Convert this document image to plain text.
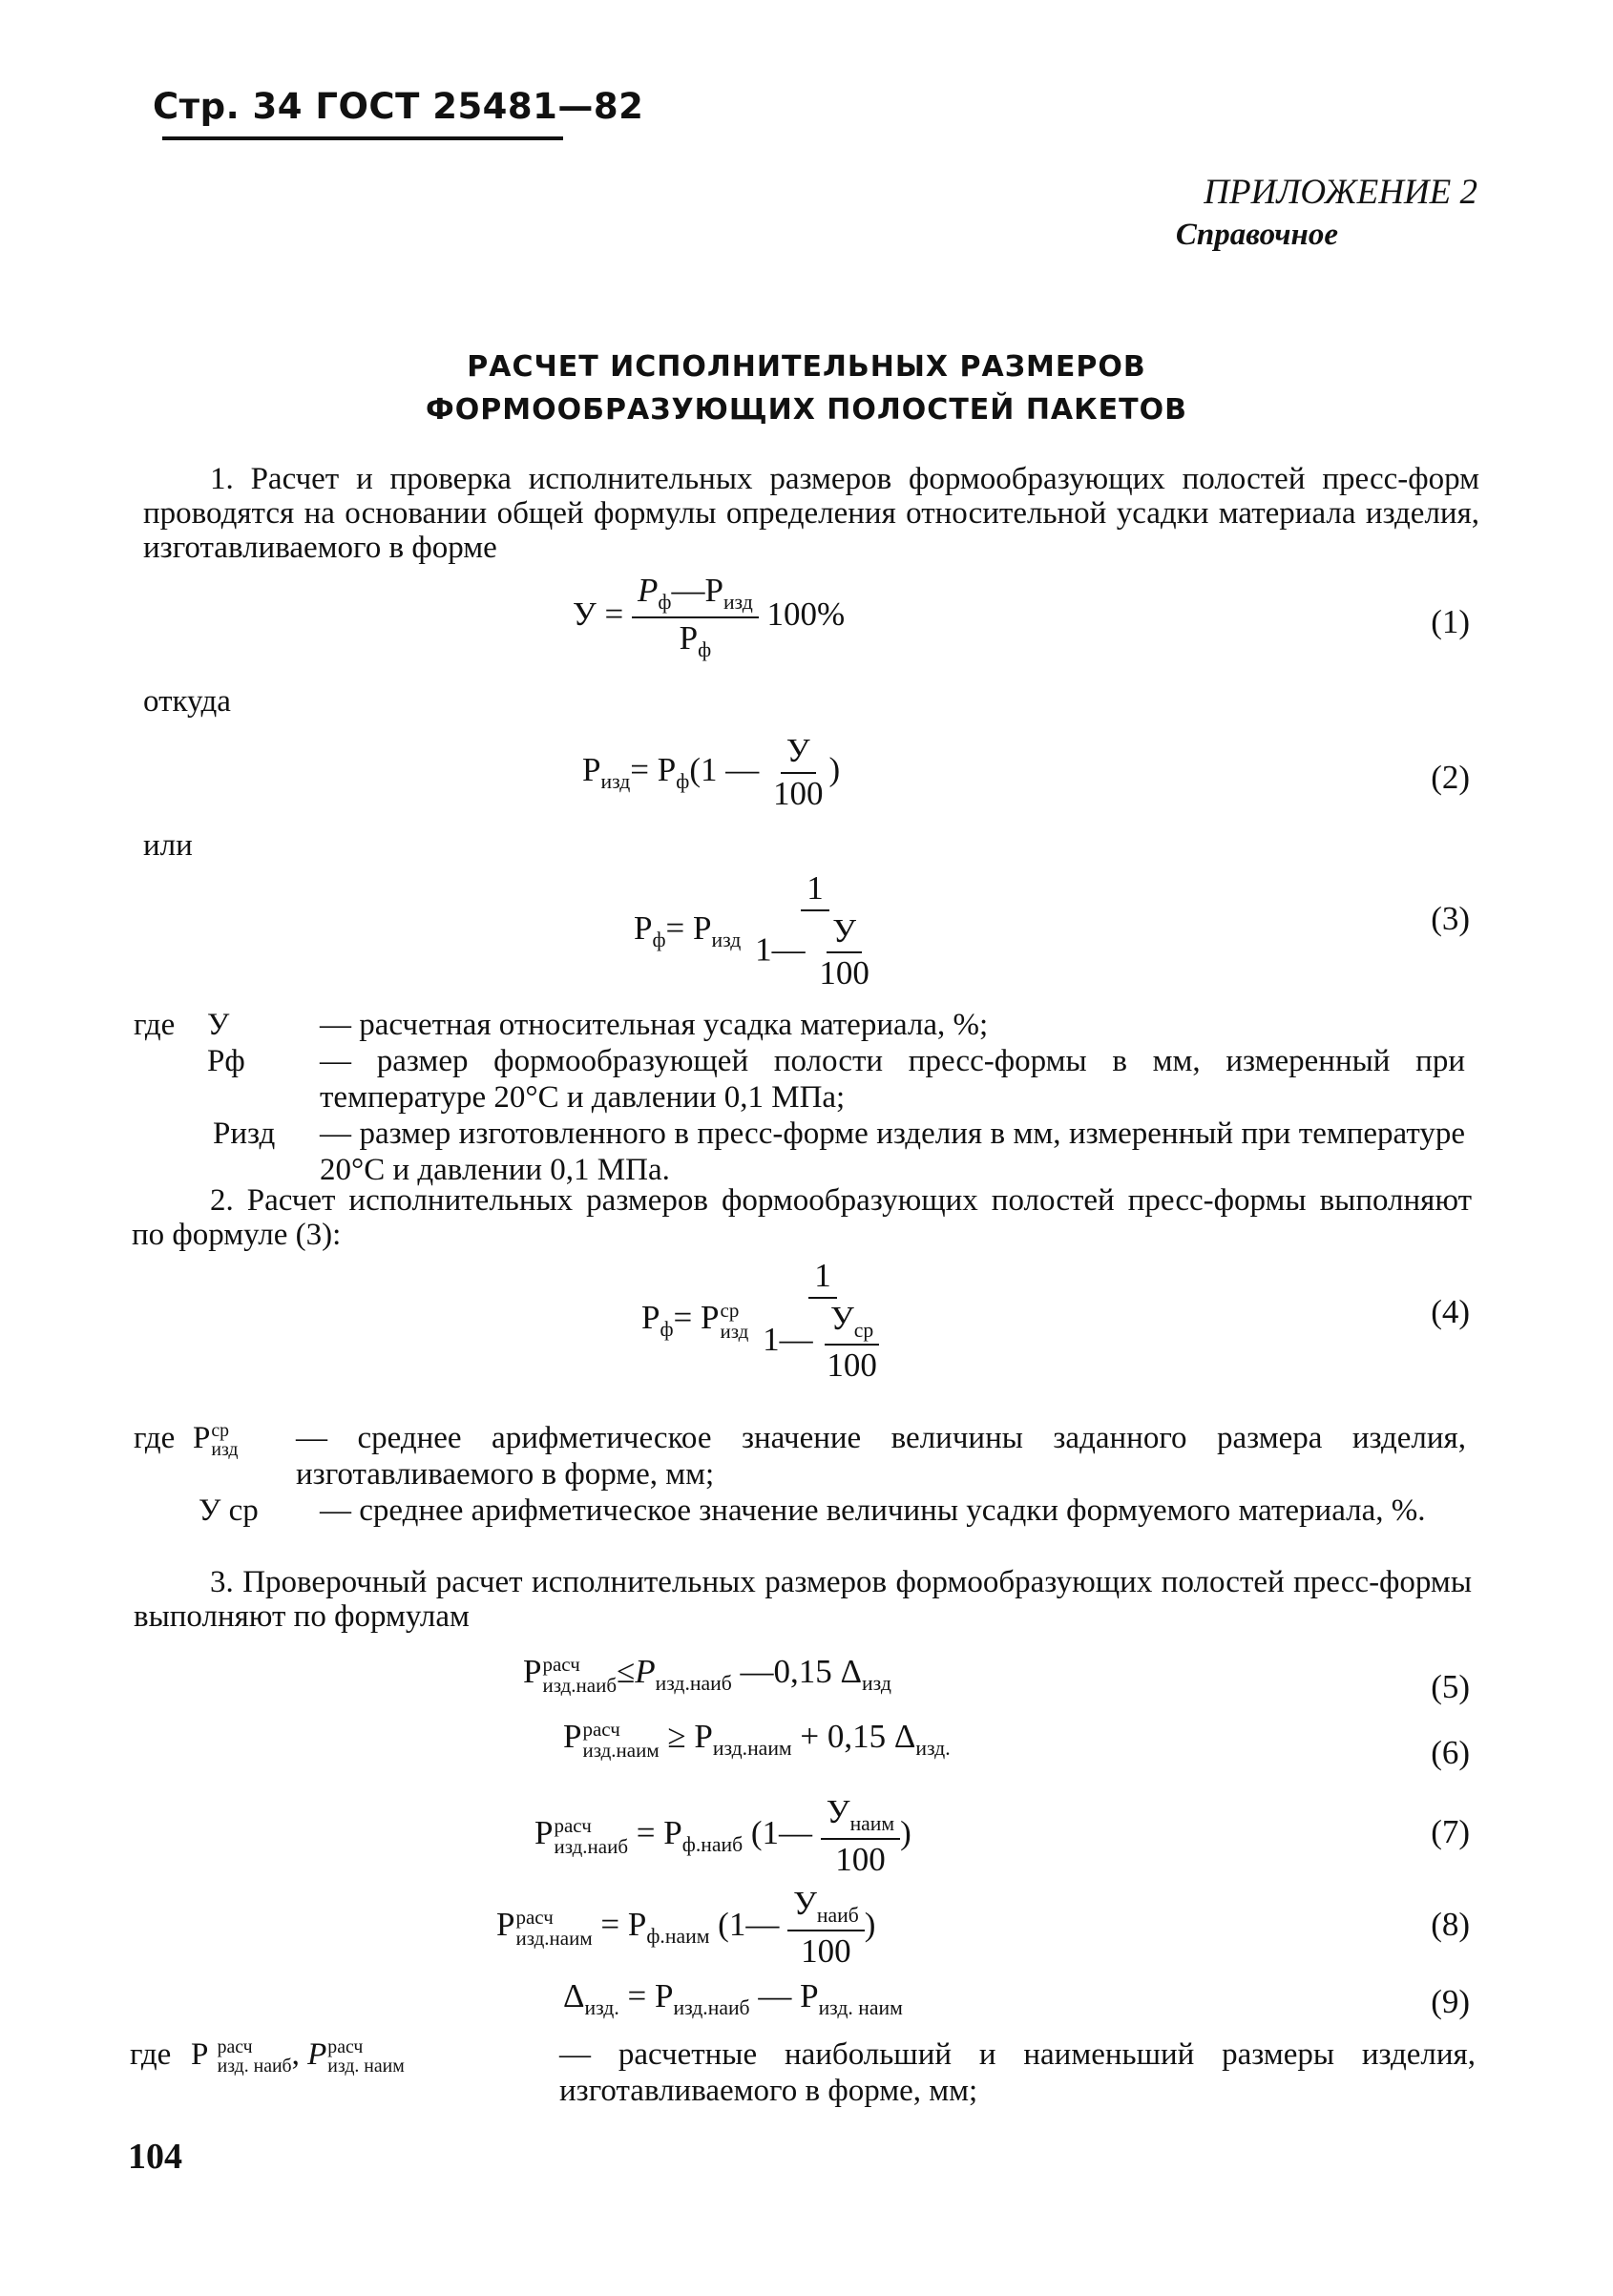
Стр. 34 ГОСТ 25481—82
ПРИЛОЖЕНИЕ 2
Справочное
РАСЧЕТ ИСПОЛНИТЕЛЬНЫХ РАЗМЕРОВ
ФОРМООБРАЗУЮЩИХ ПОЛОСТЕЙ ПАКЕТОВ
1. Расчет и проверка исполнительных размеров формообразующих полостей пресс-форм проводятся на основании общей формулы определения относительной усадки материала изделия, изготавливаемого в форме
$У = \frac{Р_ф—Р_{изд}}{Р_ф} 100\%$	(1)
откуда
$Р_{изд}= Р_ф(1$ — $\frac{У}{100}$ )	(2)
или
$Р_ф= Р_{изд} \frac{1}{1— \frac{У}{100}}$	(3)
где У	— расчетная относительная усадка материала, %;
Рф — размер формообразующей полости пресс-формы в мм, измеренный при температуре 20°С и давлении 0,1 МПа;
Ризд — размер изготовленного в пресс-форме изделия в мм, измеренный при температуре 20°С и давлении 0,1 МПа.
2. Расчет исполнительных размеров формообразующих полостей пресс-формы выполняют по формуле (3):
$Р_ф= Р$ ср
изд
$\frac{1}{1— \frac{У_{ср}}{100}}$	(4)
где Р ср
изд — среднее арифметическое значение величины заданного размера изделия, изготавливаемого в форме, мм;
У ср — среднее арифметическое значение величины усадки формуемого материала, %.
3. Проверочный расчет исполнительных размеров формообразующих полостей пресс-формы выполняют по формулам
Р расч
изд.наиб $\le Р_{изд.наиб}$ —0,15 $\Delta_{изд}$	(5)
Р расч
изд.наим ≥ $Р_{изд.наим} + 0,15$ $\Delta_{изд.}$	(6)
Р расч
изд.наиб = $Р_{ф.наиб}$ (1— $\frac{У_{наим}}{100}$ )	(7)
Р расч
изд.наим = $Р_{ф.наим}$ (1— $\frac{У_{наиб}}{100}$ )	(8)
$\Delta_{изд.} = Р_{изд.наиб}$ — $Р_{изд. наим}$	(9)
где Р расч
изд. наиб , Р расч
изд. наим	— расчетные наибольший и наименьший размеры изделия, изготавливаемого в форме, мм;
104
